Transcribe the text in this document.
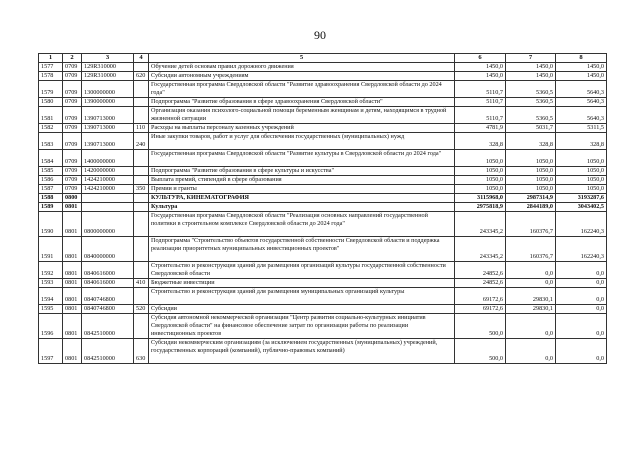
90
1	2	3	4	5	6	7	8
1577	0709	129R310000		Обучение детей основам правил дорожного движения	1450,0	1450,0	1450,0
1578	0709	129R310000	620	Субсидии автономным учреждениям	1450,0	1450,0	1450,0
1579	0709	1300000000		Государственная программа Свердловской области "Развитие здравоохранения Свердловской области до 2024 года"	5110,7	5360,5	5640,3
1580	0709	1390000000		Подпрограмма "Развитие образования в сфере здравоохранения Свердловской области"	5110,7	5360,5	5640,3
1581	0709	1390713000		Организация оказания психолого-социальной помощи беременным женщинам и детям, находящимся в трудной жизненной ситуации	5110,7	5360,5	5640,3
1582	0709	1390713000	110	Расходы на выплаты персоналу казенных учреждений	4781,9	5031,7	5311,5
1583	0709	1390713000	240	Иные закупки товаров, работ и услуг для обеспечения государственных (муниципальных) нужд	328,8	328,8	328,8
1584	0709	1400000000		Государственная программа Свердловской области "Развитие культуры в Свердловской области до 2024 года"	1050,0	1050,0	1050,0
1585	0709	1420000000		Подпрограмма "Развитие образования в сфере культуры и искусства"	1050,0	1050,0	1050,0
1586	0709	1424210000		Выплата премий, стипендий в сфере образования	1050,0	1050,0	1050,0
1587	0709	1424210000	350	Премии и гранты	1050,0	1050,0	1050,0
1588	0800			КУЛЬТУРА, КИНЕМАТОГРАФИЯ	3115968,0	2987314,9	3193287,6
1589	0801			Культура	2975818,9	2844189,0	3043402,5
1590	0801	0800000000		Государственная программа Свердловской области "Реализация основных направлений государственной политики в строительном комплексе Свердловской области до 2024 года"	243345,2	160376,7	162240,3
1591	0801	0840000000		Подпрограмма "Строительство объектов государственной собственности Свердловской области и поддержка реализации приоритетных муниципальных инвестиционных проектов"	243345,2	160376,7	162240,3
1592	0801	0840616000		Строительство и реконструкция зданий для размещения организаций культуры государственной собственности Свердловской области	24852,6	0,0	0,0
1593	0801	0840616000	410	Бюджетные инвестиции	24852,6	0,0	0,0
1594	0801	0840746800		Строительство и реконструкция зданий для размещения муниципальных организаций культуры	69172,6	29830,1	0,0
1595	0801	0840746800	520	Субсидии	69172,6	29830,1	0,0
1596	0801	0842510000		Субсидия автономной некоммерческой организации "Центр развития социально-культурных инициатив Свердловской области" на финансовое обеспечение затрат по организации работы по реализации инвестиционных проектов	500,0	0,0	0,0
1597	0801	0842510000	630	Субсидии некоммерческим организациям (за исключением государственных (муниципальных) учреждений, государственных корпораций (компаний), публично-правовых компаний)	500,0	0,0	0,0
